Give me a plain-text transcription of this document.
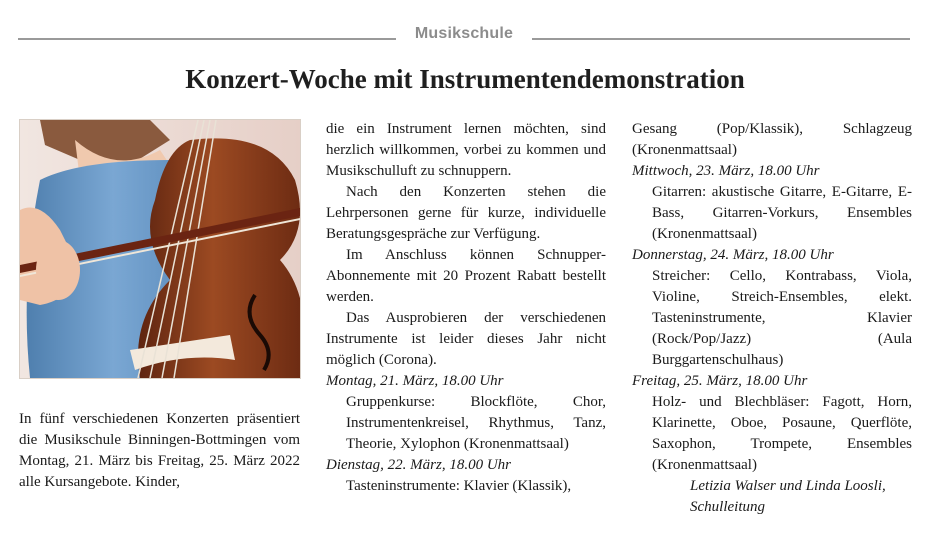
Musikschule
Konzert-Woche mit Instrumentendemonstration

In fünf verschiedenen Konzerten präsentiert die Musikschule Binningen-Bottmingen vom Montag, 21. März bis Freitag, 25. März 2022 alle Kursangebote. Kinder,

die ein Instrument lernen möchten, sind herzlich willkommen, vorbei zu kommen und Musikschulluft zu schnuppern.

Nach den Konzerten stehen die Lehrpersonen gerne für kurze, individuelle Beratungsgespräche zur Verfügung.

Im Anschluss können Schnupper-Abonnemente mit 20 Prozent Rabatt bestellt werden.

Das Ausprobieren der verschiedenen Instrumente ist leider dieses Jahr nicht möglich (Corona).

Montag, 21. März, 18.00 Uhr

Gruppenkurse: Blockflöte, Chor, Instrumentenkreisel, Rhythmus, Tanz, Theorie, Xylophon (Kronenmattsaal)

Dienstag, 22. März, 18.00 Uhr

Tasteninstrumente: Klavier (Klassik),

Gesang (Pop/Klassik), Schlagzeug (Kronenmattsaal)

Mittwoch, 23. März, 18.00 Uhr

Gitarren: akustische Gitarre, E-Gitarre, E-Bass, Gitarren-Vorkurs, Ensembles (Kronenmattsaal)

Donnerstag, 24. März, 18.00 Uhr

Streicher: Cello, Kontrabass, Viola, Violine, Streich-Ensembles, elekt. Tasteninstrumente, Klavier (Rock/Pop/Jazz) (Aula Burggartenschulhaus)

Freitag, 25. März, 18.00 Uhr

Holz- und Blechbläser: Fagott, Horn, Klarinette, Oboe, Posaune, Querflöte, Saxophon, Trompete, Ensembles (Kronenmattsaal)

Letizia Walser und Linda Loosli,

Schulleitung
